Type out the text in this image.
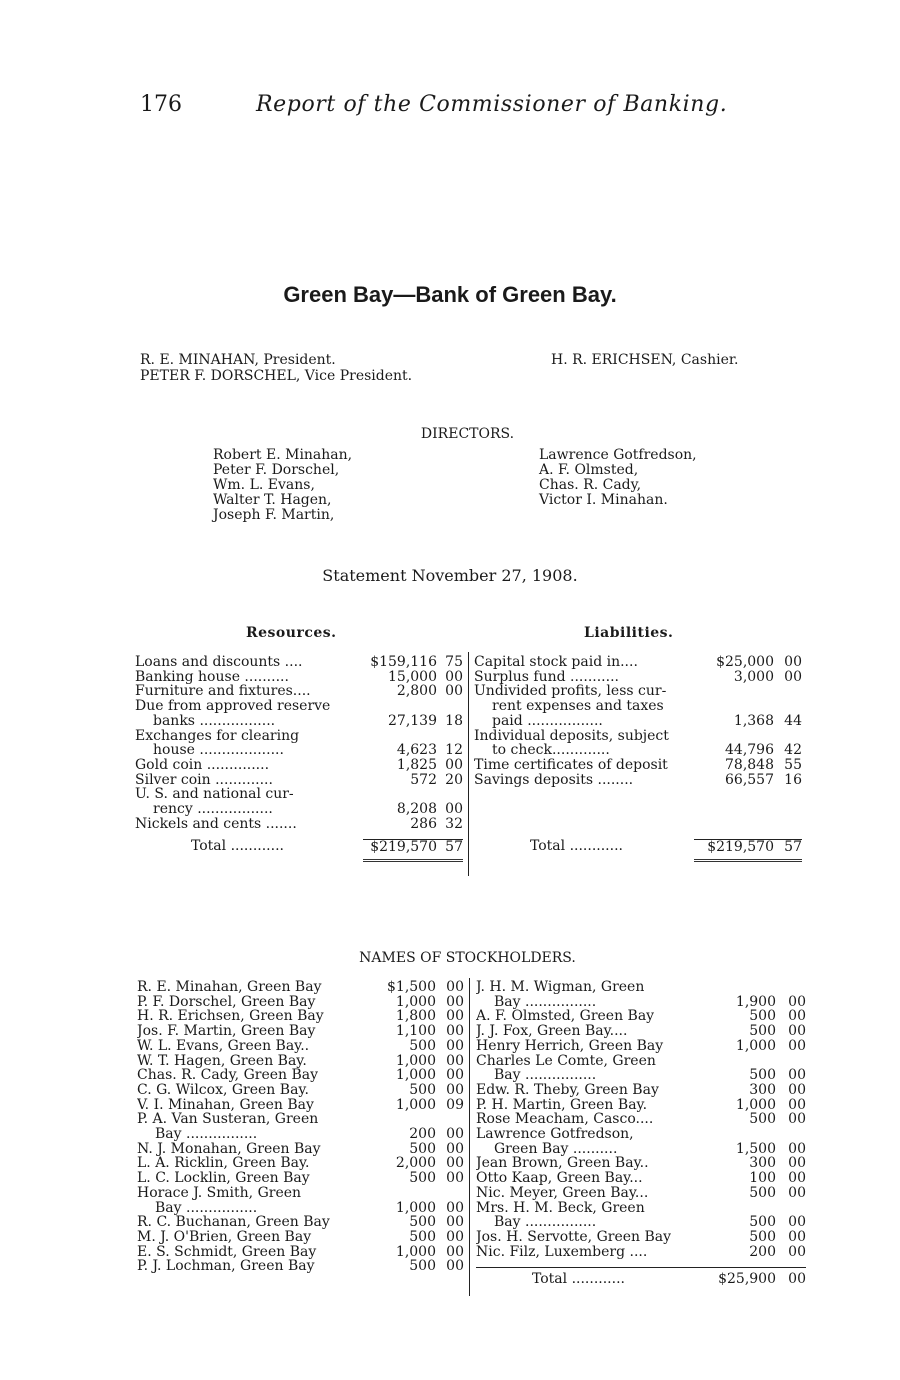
176	Report of the Commissioner of Banking.
Green Bay—Bank of Green Bay.
R. E. MINAHAN, President.
PETER F. DORSCHEL, Vice President.
H. R. ERICHSEN, Cashier.
DIRECTORS.
Robert E. Minahan,
Peter F. Dorschel,
Wm. L. Evans,
Walter T. Hagen,
Joseph F. Martin,
Lawrence Gotfredson,
A. F. Olmsted,
Chas. R. Cady,
Victor I. Minahan.
Statement November 27, 1908.
Resources.	Liabilities.
Loans and discounts ....	$159,116 75
Banking house ..........	15,000 00
Furniture and fixtures....	2,800 00
Due from approved reserve
banks .................	27,139 18
Exchanges for clearing
house ...................	4,623 12
Gold coin ..............	1,825 00
Silver coin .............	572 20
U. S. and national cur-
rency .................	8,208 00
Nickels and cents .......	286 32
Total ............	$219,570 57
Capital stock paid in....	$25,000 00
Surplus fund ...........	3,000 00
Undivided profits, less cur-
rent expenses and taxes
paid .................	1,368 44
Individual deposits, subject
to check.............	44,796 42
Time certificates of deposit	78,848 55
Savings deposits ........	66,557 16
Total ............	$219,570 57
NAMES OF STOCKHOLDERS.
R. E. Minahan, Green Bay	$1,500 00
P. F. Dorschel, Green Bay	1,000 00
H. R. Erichsen, Green Bay	1,800 00
Jos. F. Martin, Green Bay	1,100 00
W. L. Evans, Green Bay..	500 00
W. T. Hagen, Green Bay.	1,000 00
Chas. R. Cady, Green Bay	1,000 00
C. G. Wilcox, Green Bay.	500 00
V. I. Minahan, Green Bay	1,000 09
P. A. Van Susteran, Green
Bay ................	200 00
N. J. Monahan, Green Bay	500 00
L. A. Ricklin, Green Bay.	2,000 00
L. C. Locklin, Green Bay	500 00
Horace J. Smith, Green
Bay ................	1,000 00
R. C. Buchanan, Green Bay	500 00
M. J. O'Brien, Green Bay	500 00
E. S. Schmidt, Green Bay	1,000 00
P. J. Lochman, Green Bay	500 00
J. H. M. Wigman, Green
Bay ................	1,900 00
A. F. Olmsted, Green Bay	500 00
J. J. Fox, Green Bay....	500 00
Henry Herrich, Green Bay	1,000 00
Charles Le Comte, Green
Bay ................	500 00
Edw. R. Theby, Green Bay	300 00
P. H. Martin, Green Bay.	1,000 00
Rose Meacham, Casco....	500 00
Lawrence Gotfredson,
Green Bay ..........	1,500 00
Jean Brown, Green Bay..	300 00
Otto Kaap, Green Bay...	100 00
Nic. Meyer, Green Bay...	500 00
Mrs. H. M. Beck, Green
Bay ................	500 00
Jos. H. Servotte, Green Bay	500 00
Nic. Filz, Luxemberg ....	200 00
Total ............	$25,900 00
